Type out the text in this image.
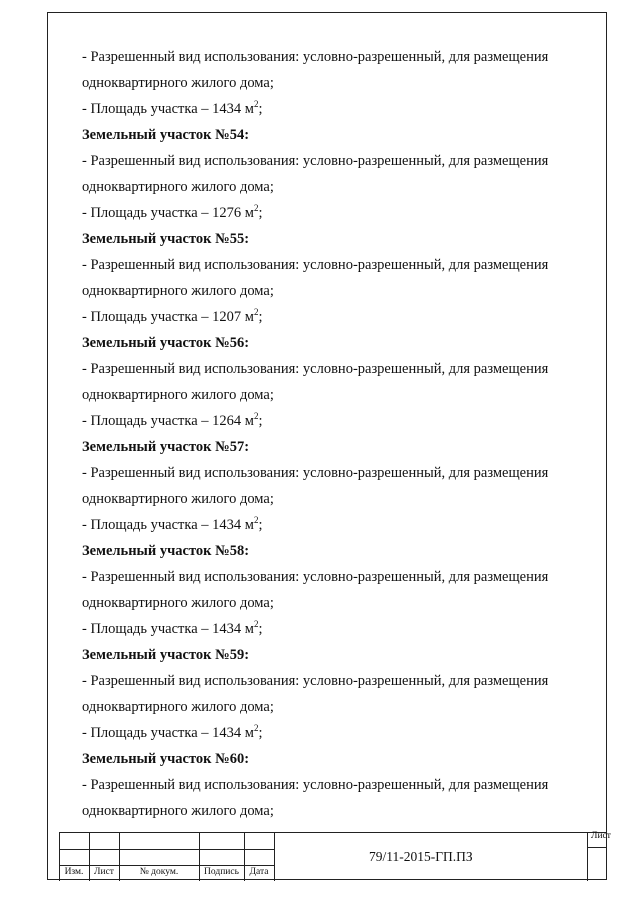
- Разрешенный вид использования: условно-разрешенный, для размещения
одноквартирного жилого дома;
- Площадь участка – 1434 $м^2$;
Земельный участок №54:
- Разрешенный вид использования: условно-разрешенный, для размещения
одноквартирного жилого дома;
- Площадь участка – 1276 $м^2$;
Земельный участок №55:
- Разрешенный вид использования: условно-разрешенный, для размещения
одноквартирного жилого дома;
- Площадь участка – 1207 $м^2$;
Земельный участок №56:
- Разрешенный вид использования: условно-разрешенный, для размещения
одноквартирного жилого дома;
- Площадь участка – 1264 $м^2$;
Земельный участок №57:
- Разрешенный вид использования: условно-разрешенный, для размещения
одноквартирного жилого дома;
- Площадь участка – 1434 $м^2$;
Земельный участок №58:
- Разрешенный вид использования: условно-разрешенный, для размещения
одноквартирного жилого дома;
- Площадь участка – 1434 $м^2$;
Земельный участок №59:
- Разрешенный вид использования: условно-разрешенный, для размещения
одноквартирного жилого дома;
- Площадь участка – 1434 $м^2$;
Земельный участок №60:
- Разрешенный вид использования: условно-разрешенный, для размещения
одноквартирного жилого дома;
Изм.	Лист	№ докум.	Подпись	Дата
79/11-2015-ГП.ПЗ
Лист
